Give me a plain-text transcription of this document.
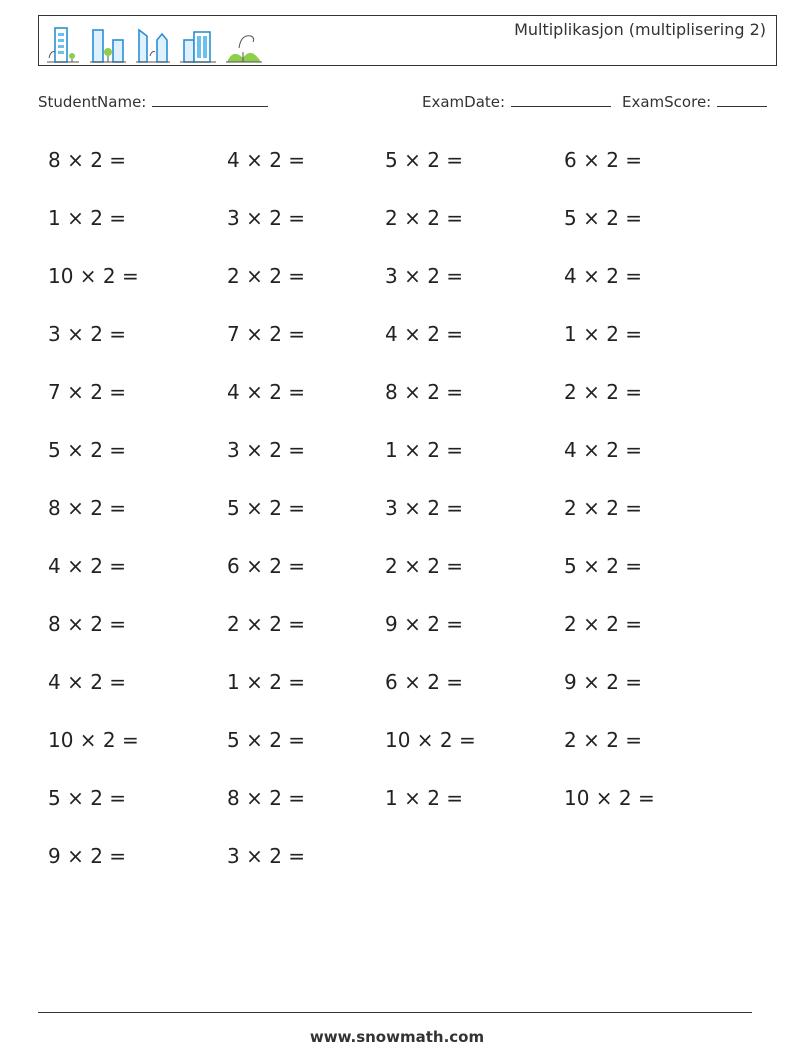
Multiplikasjon (multiplisering 2)
StudentName:	ExamDate:	ExamScore:
8 × 2 =	4 × 2 =	5 × 2 =	6 × 2 =
1 × 2 =	3 × 2 =	2 × 2 =	5 × 2 =
10 × 2 =	2 × 2 =	3 × 2 =	4 × 2 =
3 × 2 =	7 × 2 =	4 × 2 =	1 × 2 =
7 × 2 =	4 × 2 =	8 × 2 =	2 × 2 =
5 × 2 =	3 × 2 =	1 × 2 =	4 × 2 =
8 × 2 =	5 × 2 =	3 × 2 =	2 × 2 =
4 × 2 =	6 × 2 =	2 × 2 =	5 × 2 =
8 × 2 =	2 × 2 =	9 × 2 =	2 × 2 =
4 × 2 =	1 × 2 =	6 × 2 =	9 × 2 =
10 × 2 =	5 × 2 =	10 × 2 =	2 × 2 =
5 × 2 =	8 × 2 =	1 × 2 =	10 × 2 =
9 × 2 =	3 × 2 =
www.snowmath.com
